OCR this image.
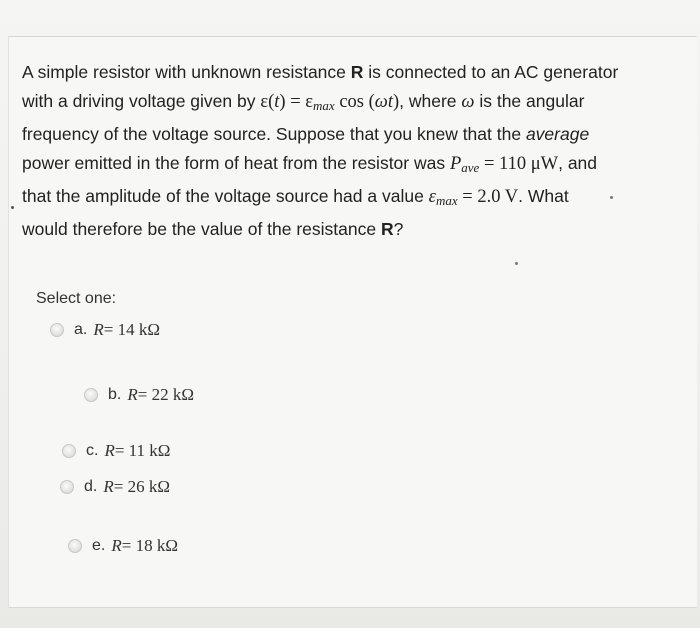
A simple resistor with unknown resistance R is connected to an AC generator
with a driving voltage given by $\varepsilon(t) = \varepsilon_{max}$ cos (ωt), where ω is the angular
frequency of the voltage source. Suppose that you knew that the average
power emitted in the form of heat from the resistor was $P_{ave} = 110$ μW, and
that the amplitude of the voltage source had a value $\varepsilon_{max} = 2.0$ V. What
would therefore be the value of the resistance R?
Select one:
a. R = 14 kΩ
b. R = 22 kΩ
c. R = 11 kΩ
d. R = 26 kΩ
e. R = 18 kΩ
